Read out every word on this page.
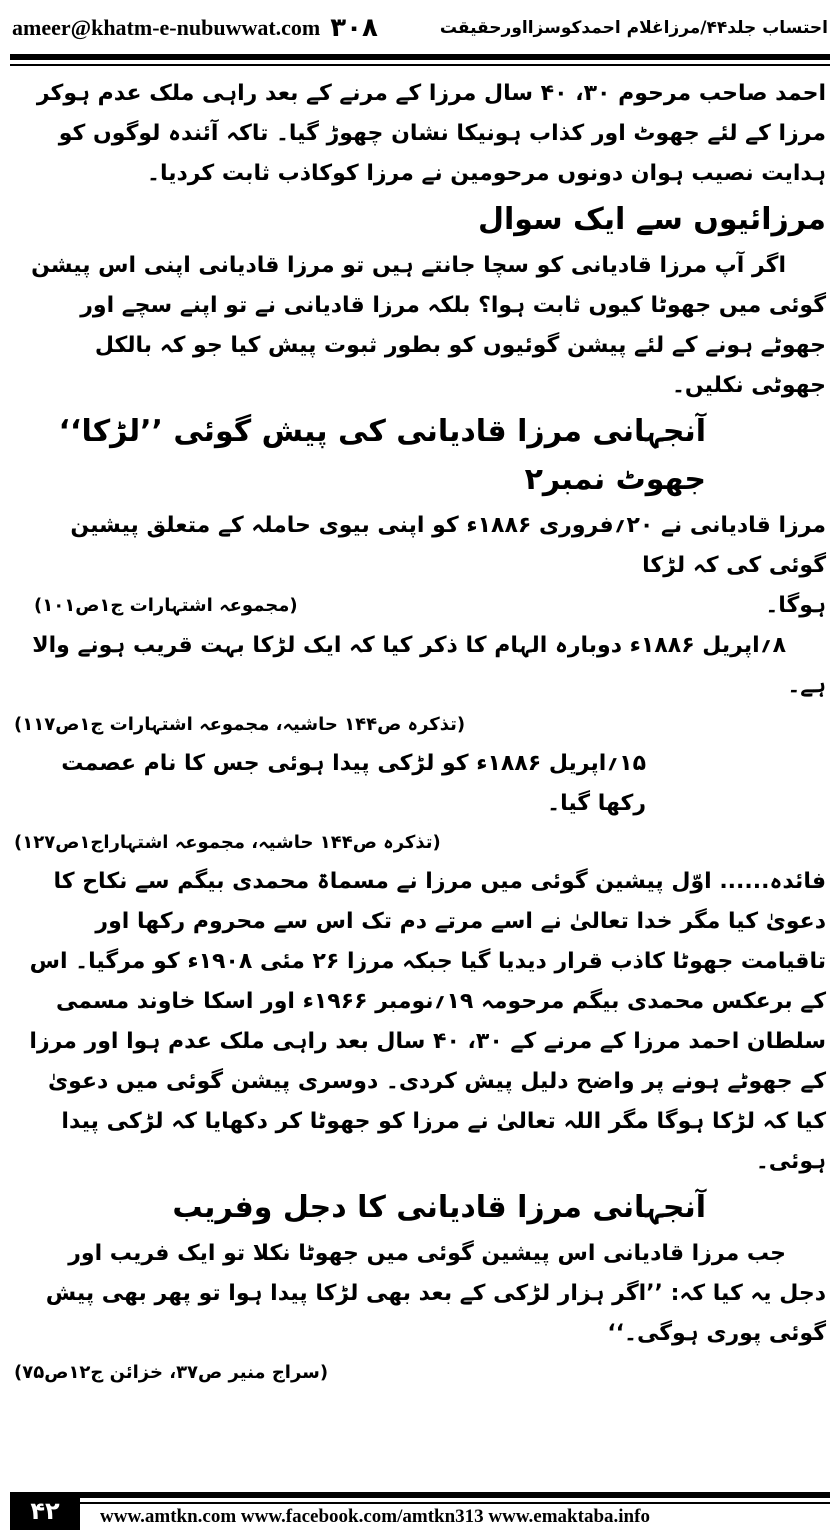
ameer@khatm-e-nubuwwat.com ۳۰۸	احتساب جلد۴۴/مرزاغلام احمدکوسزااورحقیقت

احمد صاحب مرحوم ۳۰، ۴۰ سال مرزا کے مرنے کے بعد راہی ملک عدم ہوکر مرزا کے لئے جھوٹ اور کذاب ہونیکا نشان چھوڑ گیا۔ تاکہ آئندہ لوگوں کو ہدایت نصیب ہوان دونوں مرحومین نے مرزا کوکاذب ثابت کردیا۔

مرزائیوں سے ایک سوال

اگر آپ مرزا قادیانی کو سچا جانتے ہیں تو مرزا قادیانی اپنی اس پیشن گوئی میں جھوٹا کیوں ثابت ہوا؟ بلکہ مرزا قادیانی نے تو اپنے سچے اور جھوٹے ہونے کے لئے پیشن گوئیوں کو بطور ثبوت پیش کیا جو کہ بالکل جھوٹی نکلیں۔

آنجہانی مرزا قادیانی کی پیش گوئی ’’لڑکا‘‘ جھوٹ نمبر۲

مرزا قادیانی نے ۲۰؍فروری ۱۸۸۶ء کو اپنی بیوی حاملہ کے متعلق پیشین گوئی کی کہ لڑکا

ہوگا۔
(مجموعہ اشتہارات ج۱ص۱۰۱)

۸؍اپریل ۱۸۸۶ء دوبارہ الہام کا ذکر کیا کہ ایک لڑکا بہت قریب ہونے والا ہے۔

(تذکرہ ص۱۴۴ حاشیہ، مجموعہ اشتہارات ج۱ص۱۱۷)

۱۵؍اپریل ۱۸۸۶ء کو لڑکی پیدا ہوئی جس کا نام عصمت رکھا گیا۔

(تذکرہ ص۱۴۴ حاشیہ، مجموعہ اشتہاراج۱ص۱۲۷)

فائدہ...... اوّل پیشین گوئی میں مرزا نے مسماۃ محمدی بیگم سے نکاح کا دعویٰ کیا مگر خدا تعالیٰ نے اسے مرتے دم تک اس سے محروم رکھا اور تاقیامت جھوٹا کاذب قرار دیدیا گیا جبکہ مرزا ۲۶ مئی ۱۹۰۸ء کو مرگیا۔ اس کے برعکس محمدی بیگم مرحومہ ۱۹؍نومبر ۱۹۶۶ء اور اسکا خاوند مسمی سلطان احمد مرزا کے مرنے کے ۳۰، ۴۰ سال بعد راہی ملک عدم ہوا اور مرزا کے جھوٹے ہونے پر واضح دلیل پیش کردی۔ دوسری پیشن گوئی میں دعویٰ کیا کہ لڑکا ہوگا مگر اللہ تعالیٰ نے مرزا کو جھوٹا کر دکھایا کہ لڑکی پیدا ہوئی۔

آنجہانی مرزا قادیانی کا دجل وفریب

جب مرزا قادیانی اس پیشین گوئی میں جھوٹا نکلا تو ایک فریب اور دجل یہ کیا کہ: ’’اگر ہزار لڑکی کے بعد بھی لڑکا پیدا ہوا تو پھر بھی پیش گوئی پوری ہوگی۔‘‘

(سراج منیر ص۳۷، خزائن ج۱۲ص۷۵)

۴۲	www.amtkn.com www.facebook.com/amtkn313 www.emaktaba.info
